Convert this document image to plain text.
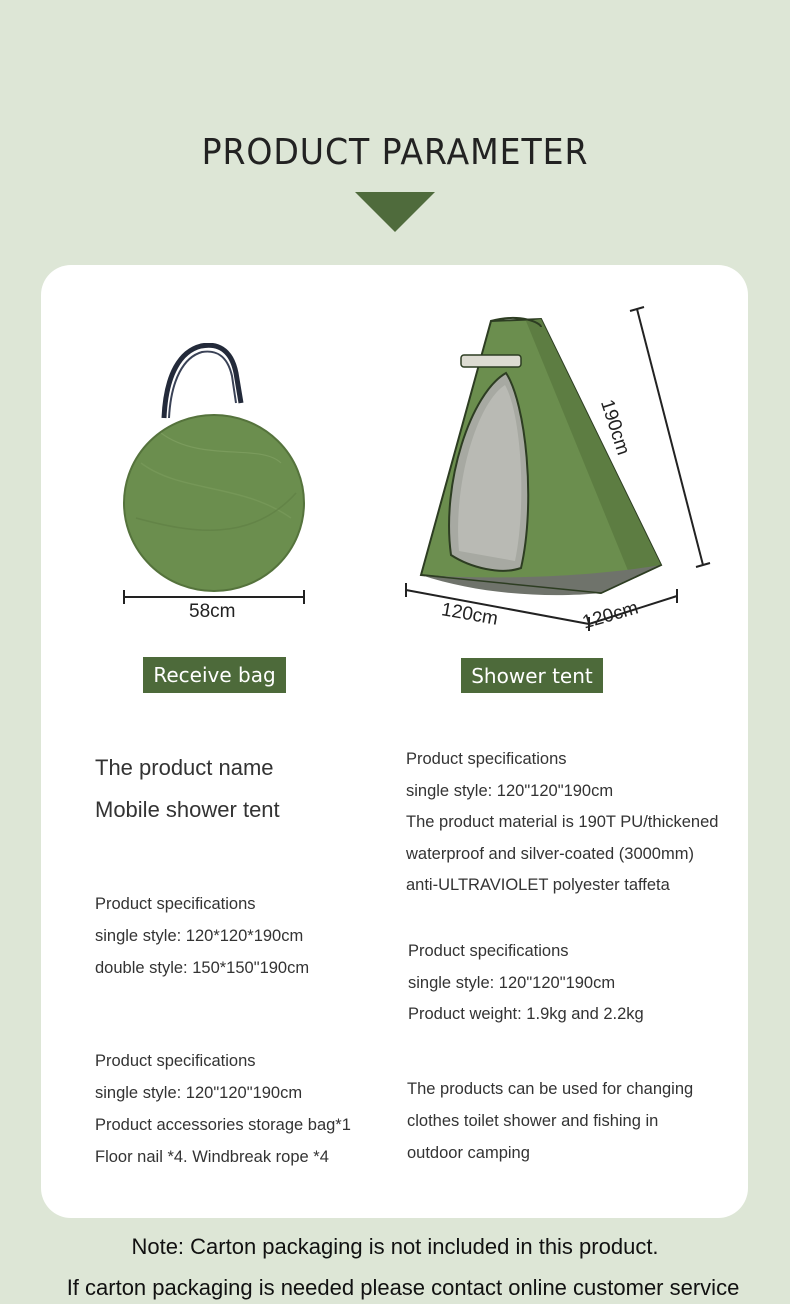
PRODUCT PARAMETER
58cm
Receive bag
190cm
120cm	120cm
Shower tent
The product name
Mobile shower tent
Product specifications
single style: 120*120*190cm
double style: 150*150"190cm
Product specifications
single style: 120"120"190cm
Product accessories storage bag*1
Floor nail *4. Windbreak rope *4
Product specifications
single style: 120"120"190cm
The product material is 190T PU/thickened
waterproof and silver-coated (3000mm)
anti-ULTRAVIOLET polyester taffeta
Product specifications
single style: 120"120"190cm
Product weight: 1.9kg and 2.2kg
The products can be used for changing
clothes toilet shower and fishing in
outdoor camping
Note: Carton packaging is not included in this product.
If carton packaging is needed please contact online customer service
